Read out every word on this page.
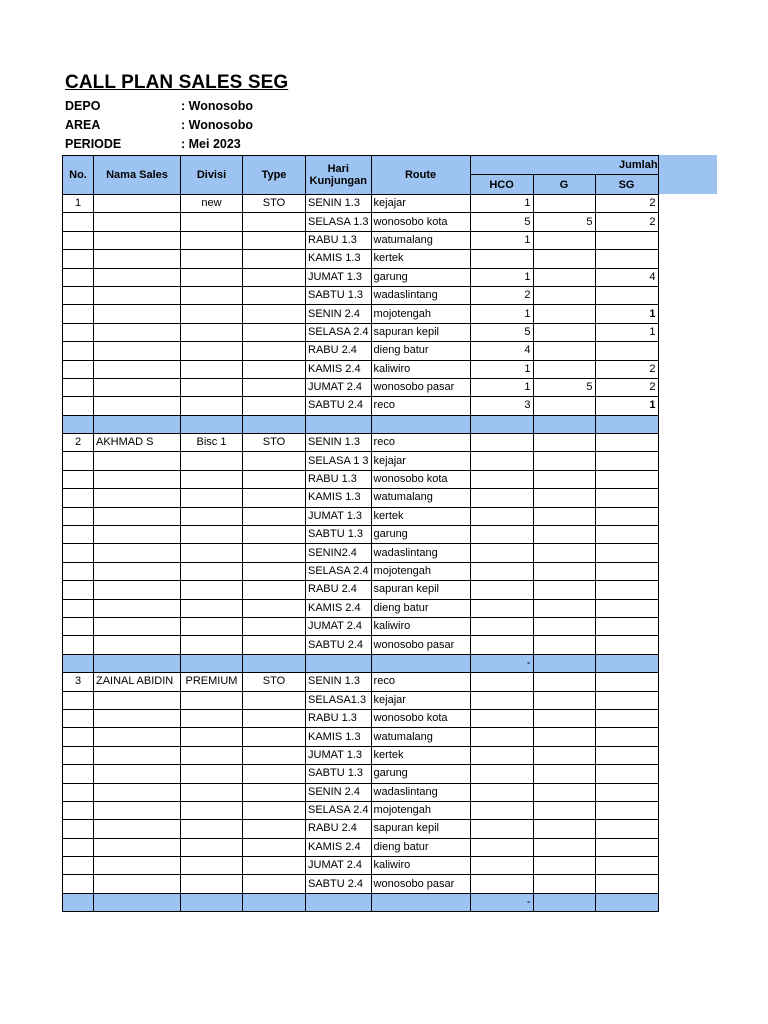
CALL PLAN SALES SEG
DEPO	: Wonosobo
AREA	: Wonosobo
PERIODE	: Mei 2023
No.	Nama Sales	Divisi	Type	Hari Kunjungan	Route	Jumlah		
						HCO	G	SG
1		new	STO	SENIN 1.3	kejajar	1		2
				SELASA 1.3	wonosobo kota	5	5	2
				RABU 1.3	watumalang	1		
				KAMIS 1.3	kertek			
				JUMAT 1.3	garung	1		4
				SABTU 1.3	wadaslintang	2		
				SENIN 2.4	mojotengah	1		1
				SELASA 2.4	sapuran kepil	5		1
				RABU 2.4	dieng batur	4		
				KAMIS 2.4	kaliwiro	1		2
				JUMAT 2.4	wonosobo pasar	1	5	2
				SABTU 2.4	reco	3		1

2	AKHMAD S	Bisc 1	STO	SENIN 1.3	reco			
				SELASA 1 3	kejajar			
				RABU 1.3	wonosobo kota			
				KAMIS 1.3	watumalang			
				JUMAT 1.3	kertek			
				SABTU 1.3	garung			
				SENIN2.4	wadaslintang			
				SELASA 2.4	mojotengah			
				RABU 2.4	sapuran kepil			
				KAMIS 2.4	dieng batur			
				JUMAT 2.4	kaliwiro			
				SABTU 2.4	wonosobo pasar			
						-		
3	ZAINAL ABIDIN	PREMIUM	STO	SENIN 1.3	reco			
				SELASA1.3	kejajar			
				RABU 1.3	wonosobo kota			
				KAMIS 1.3	watumalang			
				JUMAT 1.3	kertek			
				SABTU 1.3	garung			
				SENIN 2.4	wadaslintang			
				SELASA 2.4	mojotengah			
				RABU 2.4	sapuran kepil			
				KAMIS 2.4	dieng batur			
				JUMAT 2.4	kaliwiro			
				SABTU 2.4	wonosobo pasar			
						-		
